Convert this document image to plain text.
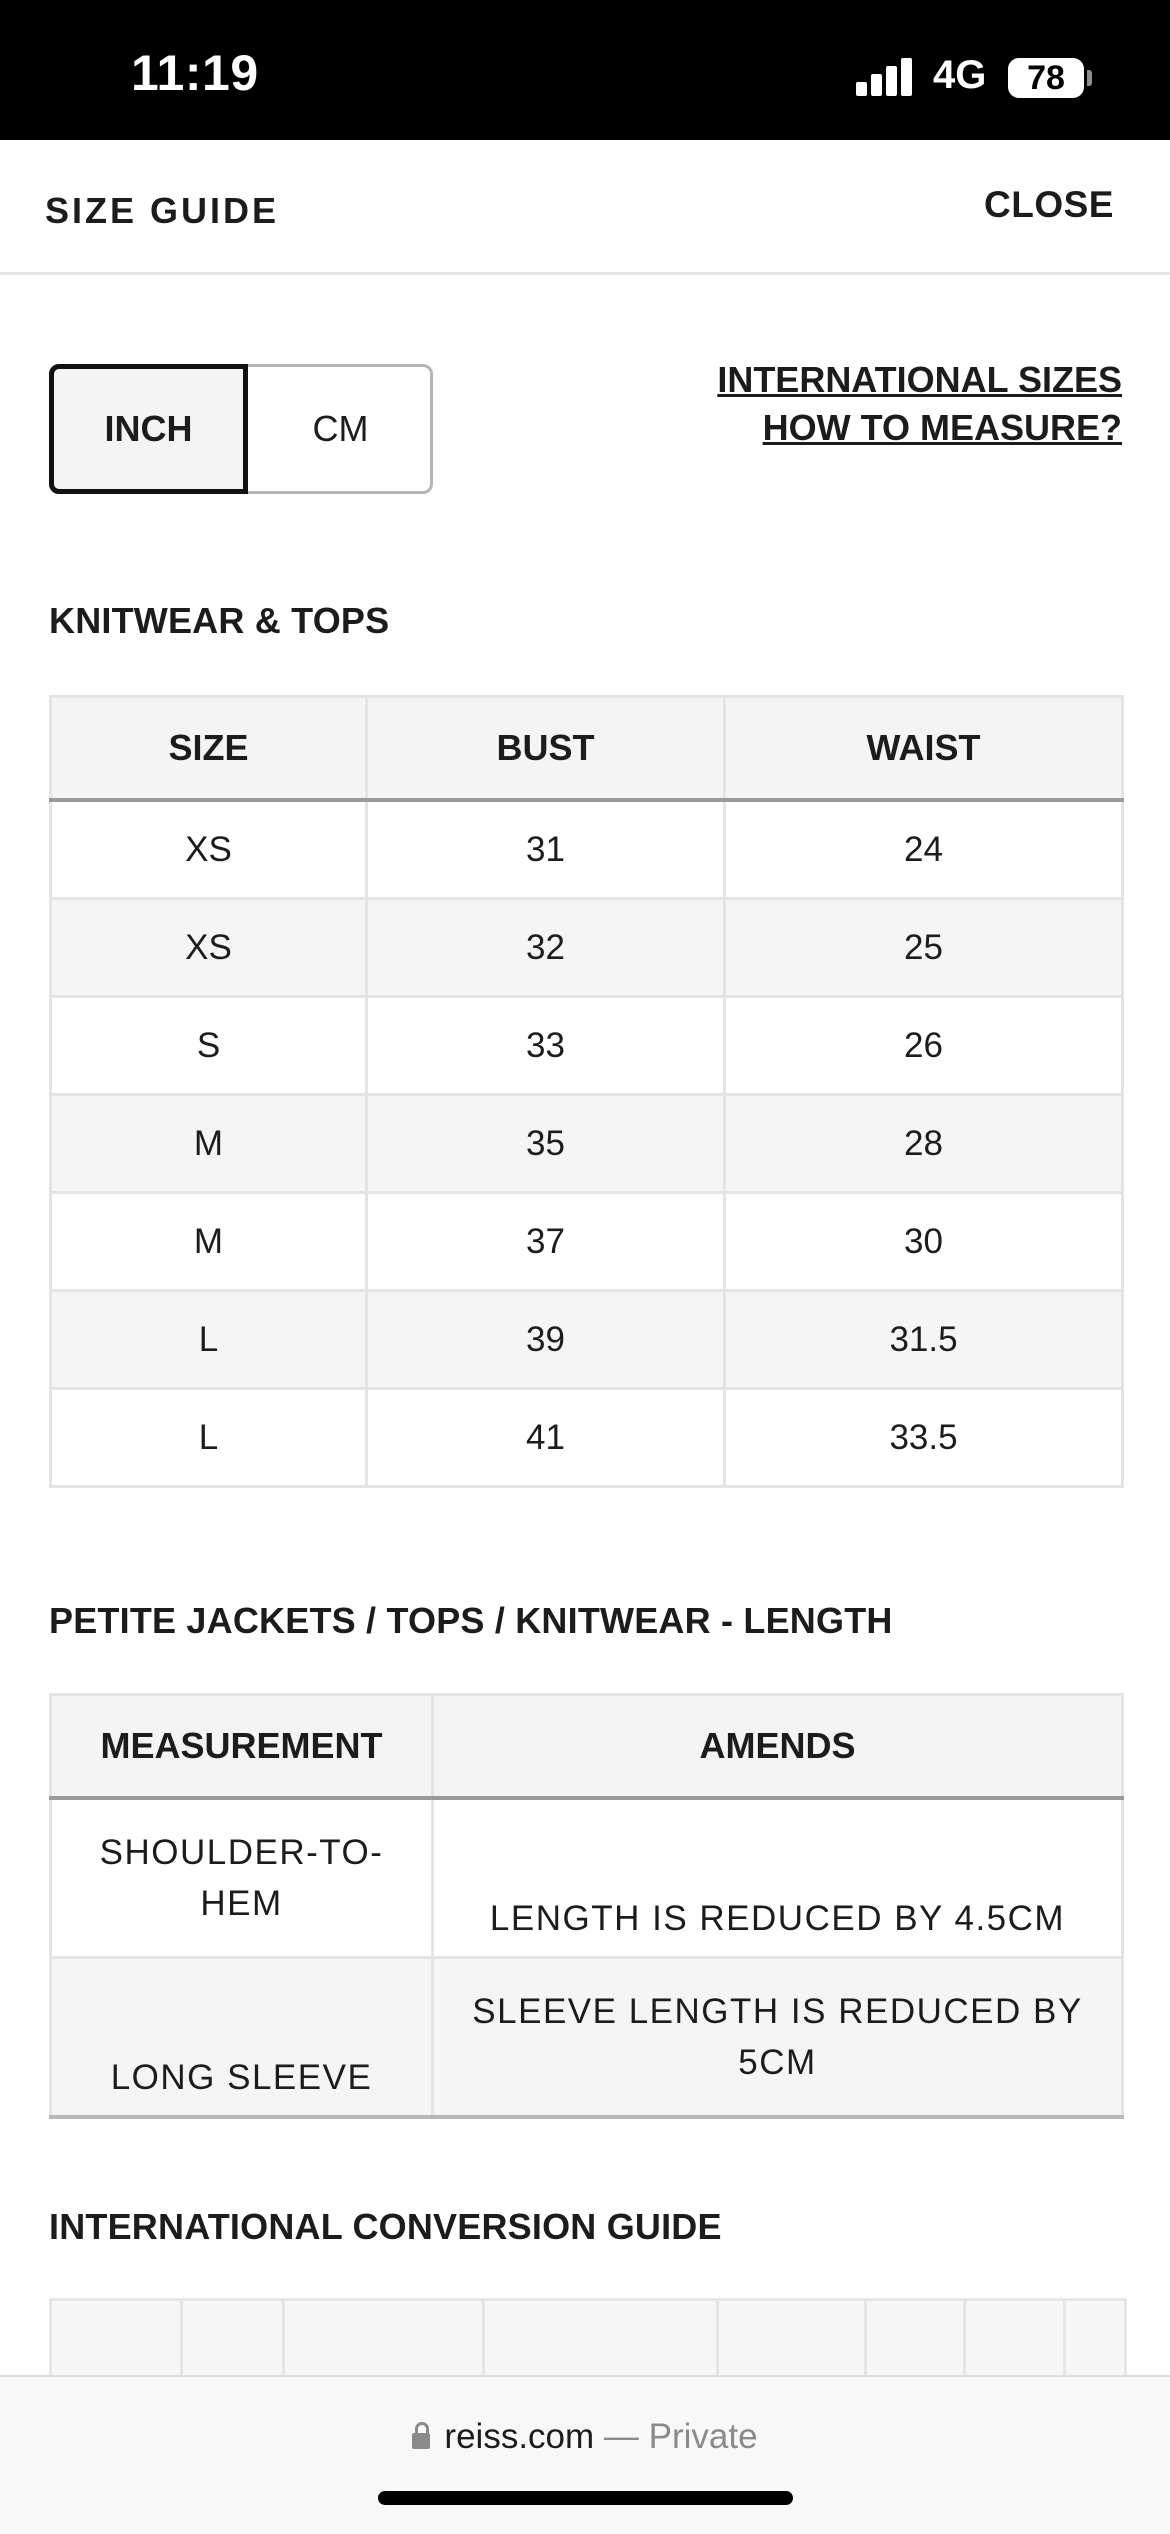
11:19	4G	78
SIZE GUIDE	CLOSE
INCH	CM
INTERNATIONAL SIZES
HOW TO MEASURE?
KNITWEAR & TOPS
SIZE	BUST	WAIST
XS	31	24
XS	32	25
S	33	26
M	35	28
M	37	30
L	39	31.5
L	41	33.5
PETITE JACKETS / TOPS / KNITWEAR - LENGTH
MEASUREMENT	AMENDS
SHOULDER-TO-HEM	LENGTH IS REDUCED BY 4.5CM
LONG SLEEVE	SLEEVE LENGTH IS REDUCED BY 5CM
INTERNATIONAL CONVERSION GUIDE
reiss.com — Private
